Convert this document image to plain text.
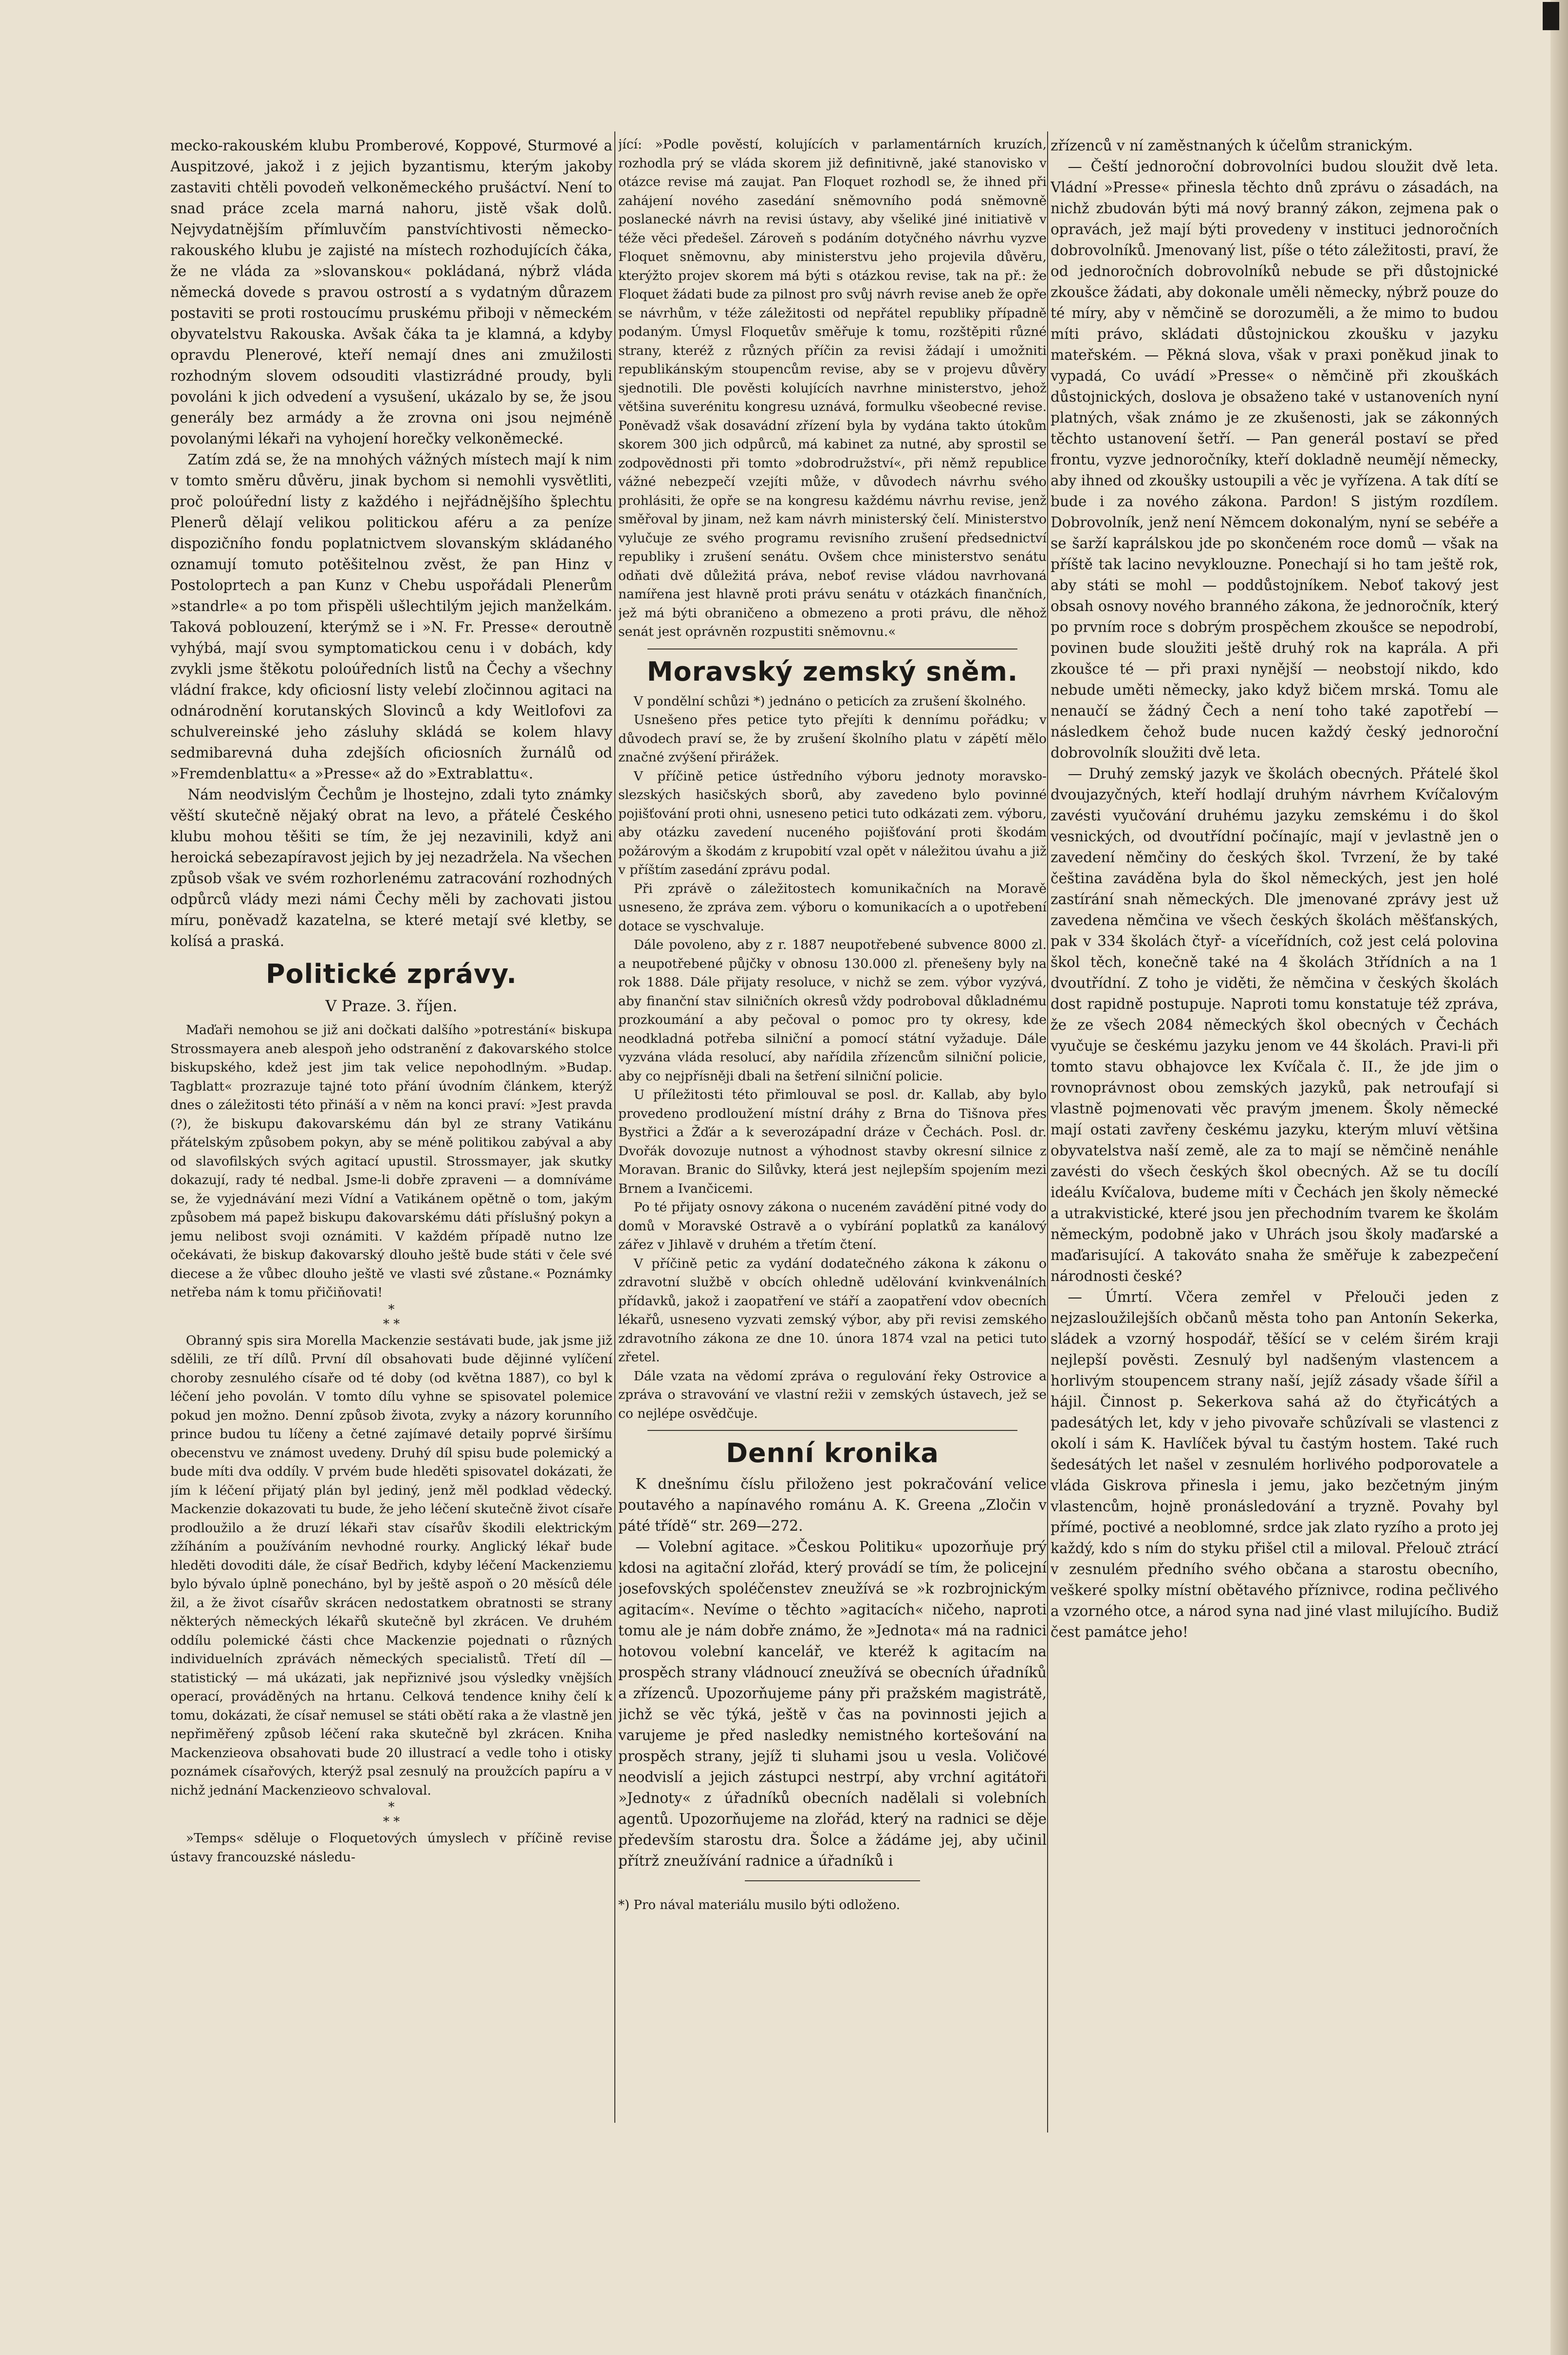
mecko-rakouském klubu Promberové, Koppové, Sturmové a Auspitzové, jakož i z jejich byzantismu, kterým jakoby zastaviti chtěli povodeň velkoněmeckého prušáctví. Není to snad práce zcela marná nahoru, jistě však dolů. Nejvydatnějším přímluvčím panstvíchtivosti německo-rakouského klubu je zajisté na místech rozhodujících čáka, že ne vláda za »slovanskou« pokládaná, nýbrž vláda německá dovede s pravou ostrostí a s vydatným důrazem postaviti se proti rostoucímu pruskému přiboji v německém obyvatelstvu Rakouska. Avšak čáka ta je klamná, a kdyby opravdu Plenerové, kteří nemají dnes ani zmužilosti rozhodným slovem odsouditi vlastizrádné proudy, byli povoláni k jich odvedení a vysušení, ukázalo by se, že jsou generály bez armády a že zrovna oni jsou nejméně povolanými lékaři na vyhojení horečky velkoněmecké.

Zatím zdá se, že na mnohých vážných místech mají k nim v tomto směru důvěru, jinak bychom si nemohli vysvětliti, proč poloúřední listy z každého i nejřádnějšího šplechtu Plenerů dělají velikou politickou aféru a za peníze dispozičního fondu poplatnictvem slovanským skládaného oznamují tomuto potěšitelnou zvěst, že pan Hinz v Postoloprtech a pan Kunz v Chebu uspořádali Plenerům »standrle« a po tom přispěli ušlechtilým jejich manželkám. Taková poblouzení, kterýmž se i »N. Fr. Presse« deroutně vyhýbá, mají svou symptomatickou cenu i v dobách, kdy zvykli jsme štěkotu poloúředních listů na Čechy a všechny vládní frakce, kdy oficiosní listy velebí zločinnou agitaci na odnárodnění korutanských Slovinců a kdy Weitlofovi za schulvereinské jeho zásluhy skládá se kolem hlavy sedmibarevná duha zdejších oficiosních žurnálů od »Fremdenblattu« a »Presse« až do »Extrablattu«.

Nám neodvislým Čechům je lhostejno, zdali tyto známky věští skutečně nějaký obrat na levo, a přátelé Českého klubu mohou těšiti se tím, že jej nezavinili, když ani heroická sebezapíravost jejich by jej nezadržela. Na všechen způsob však ve svém rozhorlenému zatracování rozhodných odpůrců vlády mezi námi Čechy měli by zachovati jistou míru, poněvadž kazatelna, se které metají své kletby, se kolísá a praská.

Politické zprávy.
V Praze. 3. říjen.

Maďaři nemohou se již ani dočkati dalšího »potrestání« biskupa Strossmayera aneb alespoň jeho odstranění z đakovarského stolce biskupského, kdež jest jim tak velice nepohodlným. »Budap. Tagblatt« prozrazuje tajné toto přání úvodním článkem, kterýž dnes o záležitosti této přináší a v něm na konci praví: »Jest pravda (?), že biskupu đakovarskému dán byl ze strany Vatikánu přátelským způsobem pokyn, aby se méně politikou zabýval a aby od slavofilských svých agitací upustil. Strossmayer, jak skutky dokazují, rady té nedbal. Jsme-li dobře zpraveni — a domníváme se, že vyjednávání mezi Vídní a Vatikánem opětně o tom, jakým způsobem má papež biskupu đakovarskému dáti příslušný pokyn a jemu nelibost svoji oznámiti. V každém případě nutno lze očekávati, že biskup đakovarský dlouho ještě bude státi v čele své diecese a že vůbec dlouho ještě ve vlasti své zůstane.« Poznámky netřeba nám k tomu přičiňovati!

*
* *

Obranný spis sira Morella Mackenzie sestávati bude, jak jsme již sdělili, ze tří dílů. První díl obsahovati bude dějinné vylíčení choroby zesnulého císaře od té doby (od května 1887), co byl k léčení jeho povolán. V tomto dílu vyhne se spisovatel polemice pokud jen možno. Denní způsob života, zvyky a názory korunního prince budou tu líčeny a četné zajímavé detaily poprvé širšímu obecenstvu ve známost uvedeny. Druhý díl spisu bude polemický a bude míti dva oddíly. V prvém bude hleděti spisovatel dokázati, že jím k léčení přijatý plán byl jediný, jenž měl podklad vědecký. Mackenzie dokazovati tu bude, že jeho léčení skutečně život císaře prodloužilo a že druzí lékaři stav císařův škodili elektrickým zžíháním a používáním nevhodné rourky. Anglický lékař bude hleděti dovoditi dále, že císař Bedřich, kdyby léčení Mackenziemu bylo bývalo úplně ponecháno, byl by ještě aspoň o 20 měsíců déle žil, a že život císařův skrácen nedostatkem obratnosti se strany některých německých lékařů skutečně byl zkrácen. Ve druhém oddílu polemické části chce Mackenzie pojednati o různých individuelních zprávách německých specialistů. Třetí díl — statistický — má ukázati, jak nepřiznivé jsou výsledky vnějších operací, prováděných na hrtanu. Celková tendence knihy čelí k tomu, dokázati, že císař nemusel se státi obětí raka a že vlastně jen nepřiměřený způsob léčení raka skutečně byl zkrácen. Kniha Mackenzieova obsahovati bude 20 illustrací a vedle toho i otisky poznámek císařových, kterýž psal zesnulý na proužcích papíru a v nichž jednání Mackenzieovo schvaloval.

*
* *

»Temps« sděluje o Floquetových úmyslech v příčině revise ústavy francouzské následu-

jící: »Podle pověstí, kolujících v parlamentárních kruzích, rozhodla prý se vláda skorem již definitivně, jaké stanovisko v otázce revise má zaujat. Pan Floquet rozhodl se, že ihned při zahájení nového zasedání sněmovního podá sněmovně poslanecké návrh na revisi ústavy, aby všeliké jiné initiativě v téže věci předešel. Zároveň s podáním dotyčného návrhu vyzve Floquet sněmovnu, aby ministerstvu jeho projevila důvěru, kterýžto projev skorem má býti s otázkou revise, tak na př.: že Floquet žádati bude za pilnost pro svůj návrh revise aneb že opře se návrhům, v téže záležitosti od nepřátel republiky případně podaným. Úmysl Floquetův směřuje k tomu, rozštěpiti různé strany, kteréž z různých příčin za revisi žádají i umožniti republikánským stoupencům revise, aby se v projevu důvěry sjednotili. Dle pověsti kolujících navrhne ministerstvo, jehož většina suverénitu kongresu uznává, formulku všeobecné revise. Poněvadž však dosavádní zřízení byla by vydána takto útokům skorem 300 jich odpůrců, má kabinet za nutné, aby sprostil se zodpovědnosti při tomto »dobrodružství«, při němž republice vážné nebezpečí vzejíti může, v důvodech návrhu svého prohlásiti, že opře se na kongresu každému návrhu revise, jenž směřoval by jinam, než kam návrh ministerský čelí. Ministerstvo vylučuje ze svého programu revisního zrušení předsednictví republiky i zrušení senátu. Ovšem chce ministerstvo senátu odňati dvě důležitá práva, neboť revise vládou navrhovaná namířena jest hlavně proti právu senátu v otázkách finančních, jež má býti obraničeno a obmezeno a proti právu, dle něhož senát jest oprávněn rozpustiti sněmovnu.«

Moravský zemský sněm.

V pondělní schůzi *) jednáno o peticích za zrušení školného.

Usnešeno přes petice tyto přejíti k dennímu pořádku; v důvodech praví se, že by zrušení školního platu v zápětí mělo značné zvýšení přirážek.

V příčině petice ústředního výboru jednoty moravsko-slezských hasičských sborů, aby zavedeno bylo povinné pojišťování proti ohni, usneseno petici tuto odkázati zem. výboru, aby otázku zavedení nuceného pojišťování proti škodám požárovým a škodám z krupobití vzal opět v náležitou úvahu a již v příštím zasedání zprávu podal.

Při zprávě o záležitostech komunikačních na Moravě usneseno, že zpráva zem. výboru o komunikacích a o upotřebení dotace se vyschvaluje.

Dále povoleno, aby z r. 1887 neupotřebené subvence 8000 zl. a neupotřebené půjčky v obnosu 130.000 zl. přenešeny byly na rok 1888. Dále přijaty resoluce, v nichž se zem. výbor vyzývá, aby finanční stav silničních okresů vždy podroboval důkladnému prozkoumání a aby pečoval o pomoc pro ty okresy, kde neodkladná potřeba silniční a pomocí státní vyžaduje. Dále vyzvána vláda resolucí, aby nařídila zřízencům silniční policie, aby co nejpřísněji dbali na šetření silniční policie.

U příležitosti této přimlouval se posl. dr. Kallab, aby bylo provedeno prodloužení místní dráhy z Brna do Tišnova přes Bystřici a Žďár a k severozápadní dráze v Čechách. Posl. dr. Dvořák dovozuje nutnost a výhodnost stavby okresní silnice z Moravan. Branic do Silůvky, která jest nejlepším spojením mezi Brnem a Ivančicemi.

Po té přijaty osnovy zákona o nuceném zavádění pitné vody do domů v Moravské Ostravě a o vybírání poplatků za kanálový zářez v Jihlavě v druhém a třetím čtení.

V příčině petic za vydání dodatečného zákona k zákonu o zdravotní službě v obcích ohledně udělování kvinkvenálních přídavků, jakož i zaopatření ve stáří a zaopatření vdov obecních lékařů, usneseno vyzvati zemský výbor, aby při revisi zemského zdravotního zákona ze dne 10. února 1874 vzal na petici tuto zřetel.

Dále vzata na vědomí zpráva o regulování řeky Ostrovice a zpráva o stravování ve vlastní režii v zemských ústavech, jež se co nejlépe osvědčuje.

Denní kronika

K dnešnímu číslu přiloženo jest pokračování velice poutavého a napínavého románu A. K. Greena „Zločin v páté třídě“ str. 269—272.

— Volební agitace. »Českou Politiku« upozorňuje prý kdosi na agitační zlořád, který provádí se tím, že policejní josefovských spoléčenstev zneužívá se »k rozbrojnickým agitacím«. Nevíme o těchto »agitacích« ničeho, naproti tomu ale je nám dobře známo, že »Jednota« má na radnici hotovou volební kancelář, ve kteréž k agitacím na prospěch strany vládnoucí zneužívá se obecních úřadníků a zřízenců. Upozorňujeme pány při pražském magistrátě, jichž se věc týká, ještě v čas na povinnosti jejich a varujeme je před nasledky nemistného kortešování na prospěch strany, jejíž ti sluhami jsou u vesla. Voličové neodvislí a jejich zástupci nestrpí, aby vrchní agitátoři »Jednoty« z úřadníků obecních nadělali si volebních agentů. Upozorňujeme na zlořád, který na radnici se děje především starostu dra. Šolce a žádáme jej, aby učinil přítrž zneužívání radnice a úřadníků i

*) Pro nával materiálu musilo býti odloženo.

zřízenců v ní zaměstnaných k účelům stranickým.

— Čeští jednoroční dobrovolníci budou sloužit dvě leta. Vládní »Presse« přinesla těchto dnů zprávu o zásadách, na nichž zbudován býti má nový branný zákon, zejmena pak o opravách, jež mají býti provedeny v instituci jednoročních dobrovolníků. Jmenovaný list, píše o této záležitosti, praví, že od jednoročních dobrovolníků nebude se při důstojnické zkoušce žádati, aby dokonale uměli německy, nýbrž pouze do té míry, aby v němčině se dorozuměli, a že mimo to budou míti právo, skládati důstojnickou zkoušku v jazyku mateřském. — Pěkná slova, však v praxi poněkud jinak to vypadá, Co uvádí »Presse« o němčině při zkouškách důstojnických, doslova je obsaženo také v ustanoveních nyní platných, však známo je ze zkušenosti, jak se zákonných těchto ustanovení šetří. — Pan generál postaví se před frontu, vyzve jednoročníky, kteří dokladně neumějí německy, aby ihned od zkoušky ustoupili a věc je vyřízena. A tak dítí se bude i za nového zákona. Pardon! S jistým rozdílem. Dobrovolník, jenž není Němcem dokonalým, nyní se sebéře a se šarží kaprálskou jde po skončeném roce domů — však na příště tak lacino nevyklouzne. Ponechají si ho tam ještě rok, aby státi se mohl — poddůstojníkem. Neboť takový jest obsah osnovy nového branného zákona, že jednoročník, který po prvním roce s dobrým prospěchem zkoušce se nepodrobí, povinen bude sloužiti ještě druhý rok na kaprála. A při zkoušce té — při praxi nynější — neobstojí nikdo, kdo nebude uměti německy, jako když bičem mrská. Tomu ale nenaučí se žádný Čech a není toho také zapotřebí — následkem čehož bude nucen každý český jednoroční dobrovolník sloužiti dvě leta.

— Druhý zemský jazyk ve školách obecných. Přátelé škol dvoujazyčných, kteří hodlají druhým návrhem Kvíčalovým zavésti vyučování druhému jazyku zemskému i do škol vesnických, od dvoutřídní počínajíc, mají v jevlastně jen o zavedení němčiny do českých škol. Tvrzení, že by také čeština zaváděna byla do škol německých, jest jen holé zastírání snah německých. Dle jmenované zprávy jest už zavedena němčina ve všech českých školách měšťanských, pak v 334 školách čtyř- a víceřídních, což jest celá polovina škol těch, konečně také na 4 školách 3třídních a na 1 dvoutřídní. Z toho je viděti, že němčina v českých školách dost rapidně postupuje. Naproti tomu konstatuje též zpráva, že ze všech 2084 německých škol obecných v Čechách vyučuje se českému jazyku jenom ve 44 školách. Pravi-li při tomto stavu obhajovce lex Kvíčala č. II., že jde jim o rovnoprávnost obou zemských jazyků, pak netroufají si vlastně pojmenovati věc pravým jmenem. Školy německé mají ostati zavřeny českému jazyku, kterým mluví většina obyvatelstva naší země, ale za to mají se němčině nenáhle zavésti do všech českých škol obecných. Až se tu docílí ideálu Kvíčalova, budeme míti v Čechách jen školy německé a utrakvistické, které jsou jen přechodním tvarem ke školám německým, podobně jako v Uhrách jsou školy maďarské a maďarisující. A takováto snaha že směřuje k zabezpečení národnosti české?

— Úmrtí. Včera zemřel v Přelouči jeden z nejzasloužilejších občanů města toho pan Antonín Sekerka, sládek a vzorný hospodář, těšící se v celém širém kraji nejlepší pověsti. Zesnulý byl nadšeným vlastencem a horlivým stoupencem strany naší, jejíž zásady všade šířil a hájil. Činnost p. Sekerkova sahá až do čtyřicátých a padesátých let, kdy v jeho pivovaře schůzívali se vlastenci z okolí i sám K. Havlíček býval tu častým hostem. Také ruch šedesátých let našel v zesnulém horlivého podporovatele a vláda Giskrova přinesla i jemu, jako bezčetným jiným vlastencům, hojně pronásledování a tryzně. Povahy byl přímé, poctivé a neoblomné, srdce jak zlato ryzího a proto jej každý, kdo s ním do styku přišel ctil a miloval. Přelouč ztrácí v zesnulém předního svého občana a starostu obecního, veškeré spolky místní obětavého příznivce, rodina pečlivého a vzorného otce, a národ syna nad jiné vlast milujícího. Budiž čest památce jeho!
